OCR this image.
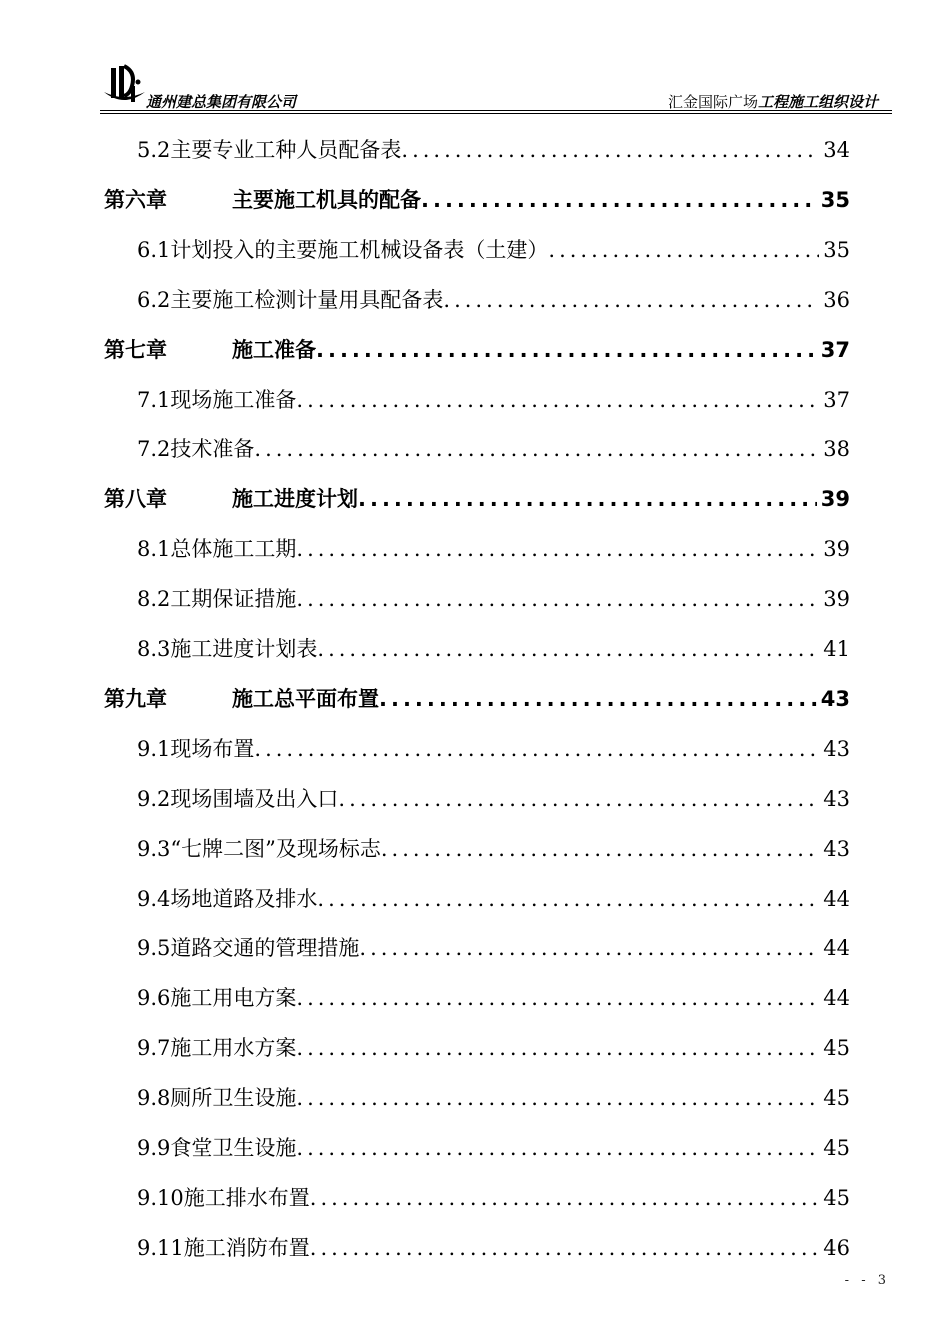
通州建总集团有限公司	汇金国际广场工程施工组织设计
5.2主要专业工种人员配备表 .....	34
第六章	主要施工机具的配备 .....	35
6.1计划投入的主要施工机械设备表（土建） .....	35
6.2主要施工检测计量用具配备表 .....	36
第七章	施工准备 .....	37
7.1现场施工准备 .....	37
7.2技术准备 .....	38
第八章	施工进度计划 .....	39
8.1总体施工工期 .....	39
8.2工期保证措施 .....	39
8.3施工进度计划表 .....	41
第九章	施工总平面布置 .....	43
9.1现场布置 .....	43
9.2现场围墙及出入口 .....	43
9.3“七牌二图”及现场标志 .....	43
9.4场地道路及排水 .....	44
9.5道路交通的管理措施 .....	44
9.6施工用电方案 .....	44
9.7施工用水方案 .....	45
9.8厕所卫生设施 .....	45
9.9食堂卫生设施 .....	45
9.10施工排水布置 .....	45
9.11施工消防布置 .....	46
- - 3
